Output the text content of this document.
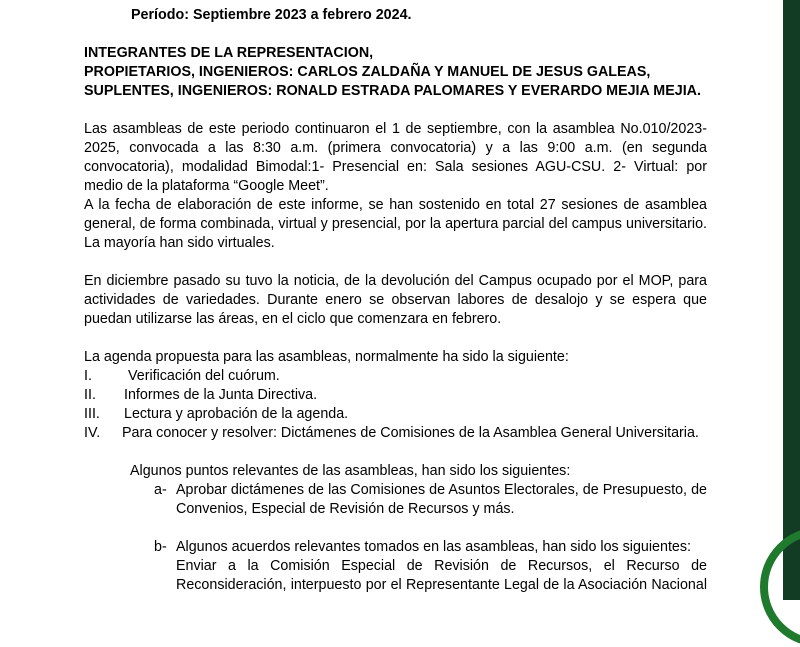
Período: Septiembre 2023 a febrero 2024.
INTEGRANTES DE LA REPRESENTACION,
PROPIETARIOS, INGENIEROS: CARLOS ZALDAÑA Y MANUEL DE JESUS GALEAS,
SUPLENTES, INGENIEROS: RONALD ESTRADA PALOMARES Y EVERARDO MEJIA MEJIA.
Las asambleas de este periodo continuaron el 1 de septiembre, con la asamblea No.010/2023-
2025, convocada a las 8:30 a.m. (primera convocatoria) y a las 9:00 a.m. (en segunda
convocatoria), modalidad Bimodal:1- Presencial en: Sala sesiones AGU-CSU. 2- Virtual: por
medio de la plataforma “Google Meet”.
A la fecha de elaboración de este informe, se han sostenido en total 27 sesiones de asamblea
general, de forma combinada, virtual y presencial, por la apertura parcial del campus universitario.
La mayoría han sido virtuales.
En diciembre pasado su tuvo la noticia, de la devolución del Campus ocupado por el MOP, para
actividades de variedades. Durante enero se observan labores de desalojo y se espera que
puedan utilizarse las áreas, en el ciclo que comenzara en febrero.
La agenda propuesta para las asambleas, normalmente ha sido la siguiente:
I.	Verificación del cuórum.
II. Informes de la Junta Directiva.
III. Lectura y aprobación de la agenda.
IV. Para conocer y resolver: Dictámenes de Comisiones de la Asamblea General Universitaria.
Algunos puntos relevantes de las asambleas, han sido los siguientes:
a- Aprobar dictámenes de las Comisiones de Asuntos Electorales, de Presupuesto, de
Convenios, Especial de Revisión de Recursos y más.
b- Algunos acuerdos relevantes tomados en las asambleas, han sido los siguientes:
Enviar a la Comisión Especial de Revisión de Recursos, el Recurso de
Reconsideración, interpuesto por el Representante Legal de la Asociación Nacional
